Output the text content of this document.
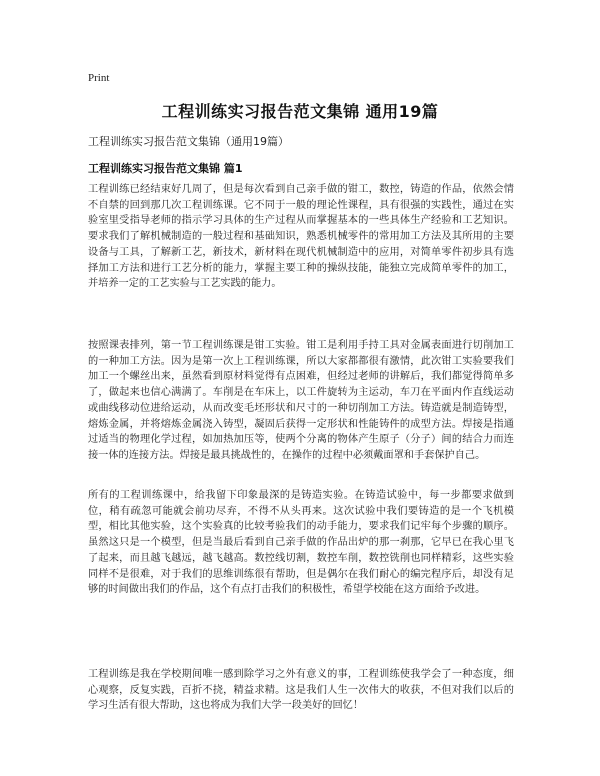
Print
工程训练实习报告范文集锦 通用19篇
工程训练实习报告范文集锦（通用19篇）
工程训练实习报告范文集锦 篇1

工程训练已经结束好几周了，但是每次看到自己亲手做的钳工，数控，铸造的作品，依然会情不自禁的回到那几次工程训练课。它不同于一般的理论性课程，具有很强的实践性，通过在实验室里受指导老师的指示学习具体的生产过程从而掌握基本的一些具体生产经验和工艺知识。要求我们了解机械制造的一般过程和基础知识，熟悉机械零件的常用加工方法及其所用的主要设备与工具，了解新工艺，新技术，新材料在现代机械制造中的应用，对简单零件初步具有选择加工方法和进行工艺分析的能力，掌握主要工种的操纵技能，能独立完成简单零件的加工，并培养一定的工艺实验与工艺实践的能力。

按照课表排列，第一节工程训练课是钳工实验。钳工是利用手持工具对金属表面进行切削加工的一种加工方法。因为是第一次上工程训练课，所以大家都都很有激情，此次钳工实验要我们加工一个螺丝出来，虽然看到原材料觉得有点困难，但经过老师的讲解后，我们都觉得简单多了，做起来也信心满满了。车削是在车床上，以工件旋转为主运动，车刀在平面内作直线运动或曲线移动位进给运动，从而改变毛坯形状和尺寸的一种切削加工方法。铸造就是制造铸型，熔炼金属，并将熔炼金属浇入铸型，凝固后获得一定形状和性能铸件的成型方法。焊接是指通过适当的物理化学过程，如加热加压等，使两个分离的物体产生原子（分子）间的结合力而连接一体的连接方法。焊接是最具挑战性的，在操作的过程中必须戴面罩和手套保护自己。

所有的工程训练课中，给我留下印象最深的是铸造实验。在铸造试验中，每一步都要求做到位，稍有疏忽可能就会前功尽弃，不得不从头再来。这次试验中我们要铸造的是一个飞机模型，相比其他实验，这个实验真的比较考验我们的动手能力，要求我们记牢每个步骤的顺序。虽然这只是一个模型，但是当最后看到自己亲手做的作品出炉的那一刹那，它早已在我心里飞了起来，而且越飞越远，越飞越高。数控线切割，数控车削，数控铣削也同样精彩，这些实验同样不是很难，对于我们的思维训练很有帮助，但是偶尔在我们耐心的编完程序后，却没有足够的时间做出我们的作品，这个有点打击我们的积极性，希望学校能在这方面给予改进。

工程训练是我在学校期间唯一感到除学习之外有意义的事，工程训练使我学会了一种态度，细心观察，反复实践，百折不挠，精益求精。这是我们人生一次伟大的收获，不但对我们以后的学习生活有很大帮助，这也将成为我们大学一段美好的回忆！
